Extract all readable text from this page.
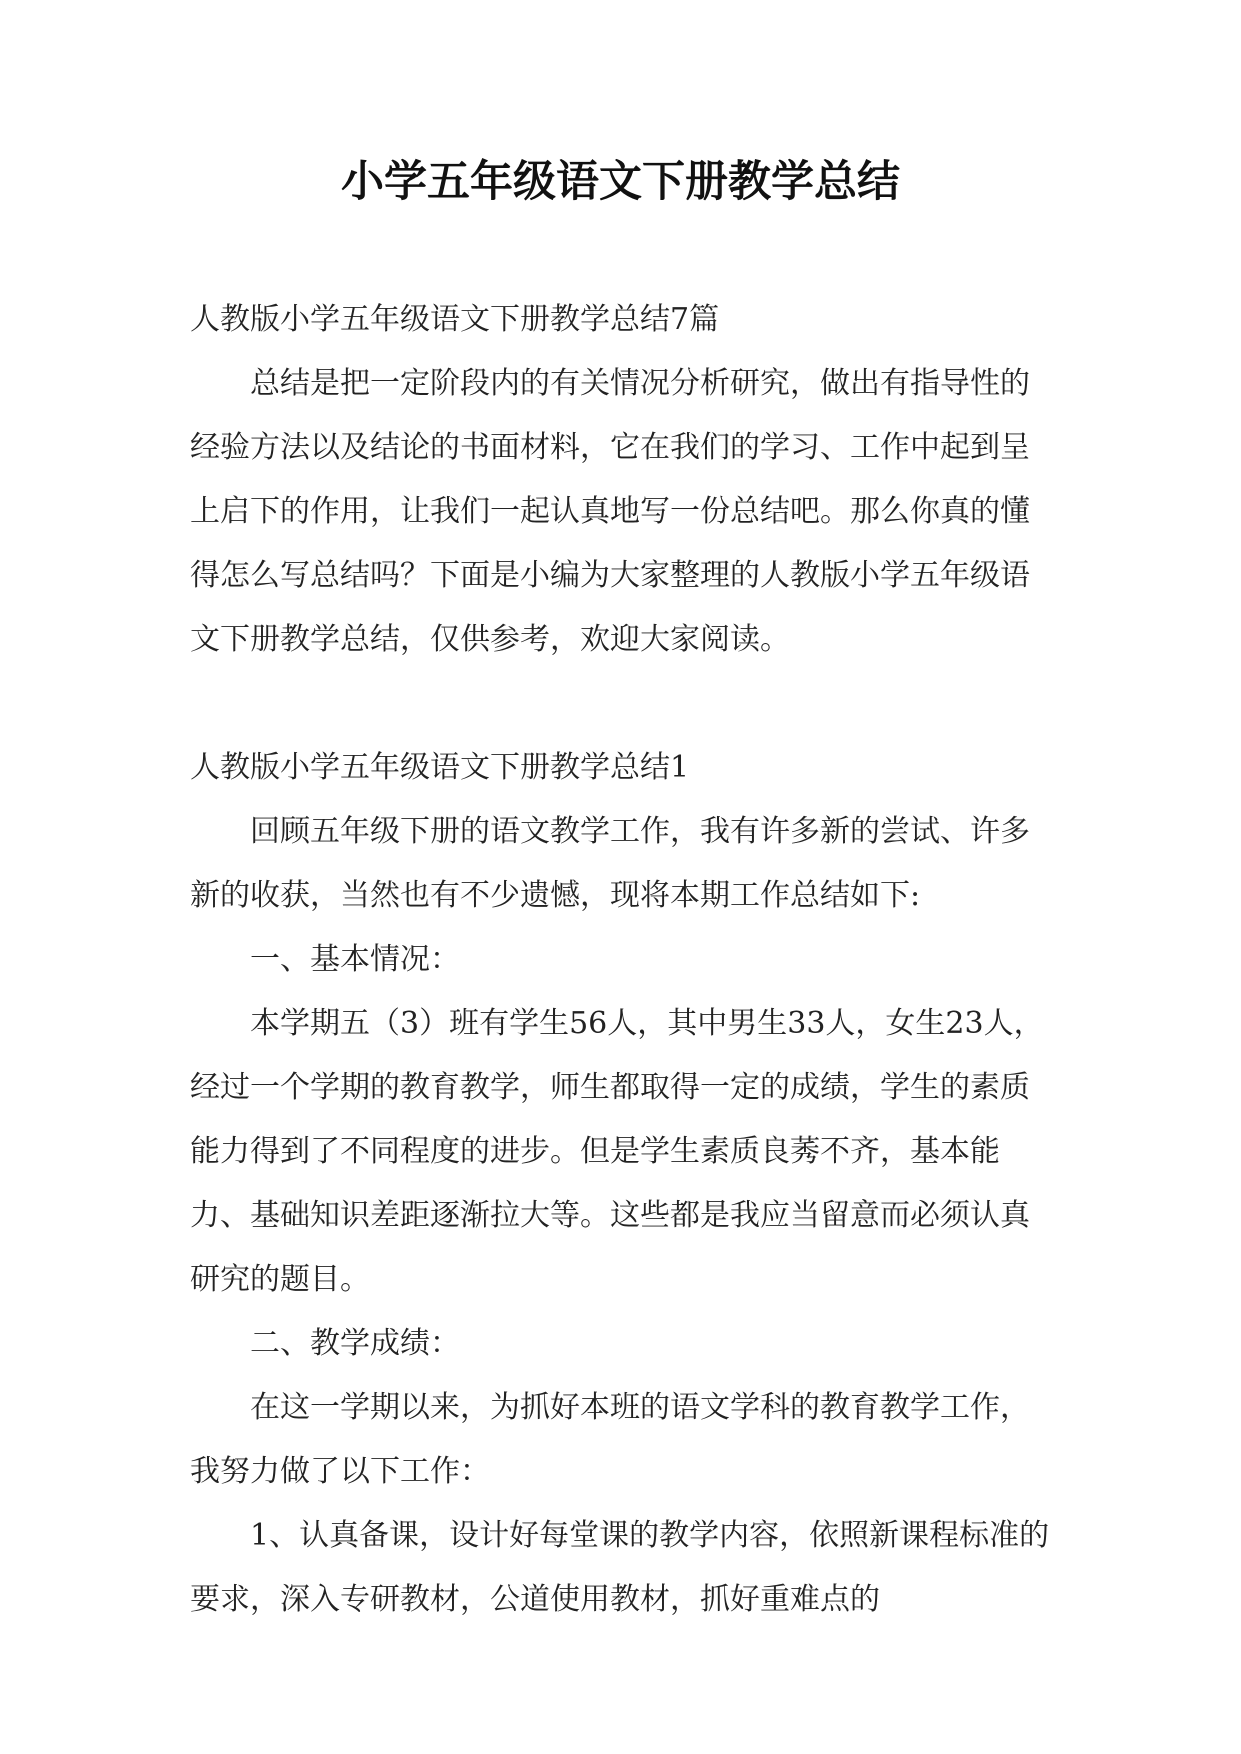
小学五年级语文下册教学总结

人教版小学五年级语文下册教学总结7篇

总结是把一定阶段内的有关情况分析研究，做出有指导性的经验方法以及结论的书面材料，它在我们的学习、工作中起到呈上启下的作用，让我们一起认真地写一份总结吧。那么你真的懂得怎么写总结吗？下面是小编为大家整理的人教版小学五年级语文下册教学总结，仅供参考，欢迎大家阅读。

人教版小学五年级语文下册教学总结1

回顾五年级下册的语文教学工作，我有许多新的尝试、许多新的收获，当然也有不少遗憾，现将本期工作总结如下:

一、基本情况：

本学期五（3）班有学生56人，其中男生33人，女生23人，经过一个学期的教育教学，师生都取得一定的成绩，学生的素质能力得到了不同程度的进步。但是学生素质良莠不齐，基本能力、基础知识差距逐渐拉大等。这些都是我应当留意而必须认真研究的题目。

二、教学成绩：

在这一学期以来，为抓好本班的语文学科的教育教学工作，我努力做了以下工作：

1、认真备课，设计好每堂课的教学内容，依照新课程标准的要求，深入专研教材，公道使用教材，抓好重难点的
